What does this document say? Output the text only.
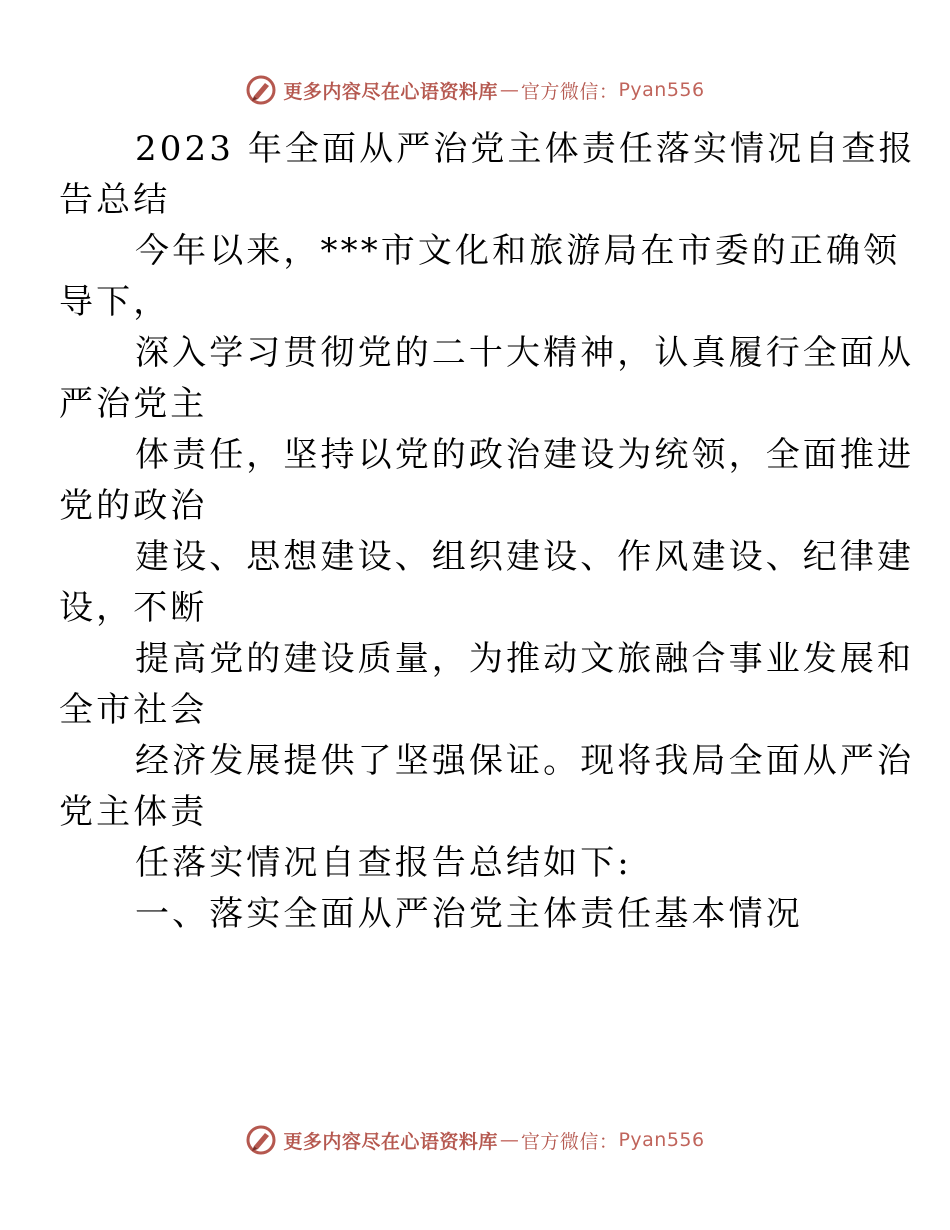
更多内容尽在心语资料库 — 官方微信： Pyan556

2023 年全面从严治党主体责任落实情况自查报
告总结

今年以来，***市文化和旅游局在市委的正确领
导下，

深入学习贯彻党的二十大精神，认真履行全面从
严治党主

体责任，坚持以党的政治建设为统领，全面推进
党的政治

建设、思想建设、组织建设、作风建设、纪律建
设，不断

提高党的建设质量，为推动文旅融合事业发展和
全市社会

经济发展提供了坚强保证。现将我局全面从严治
党主体责

任落实情况自查报告总结如下:

一、落实全面从严治党主体责任基本情况

更多内容尽在心语资料库 — 官方微信： Pyan556
